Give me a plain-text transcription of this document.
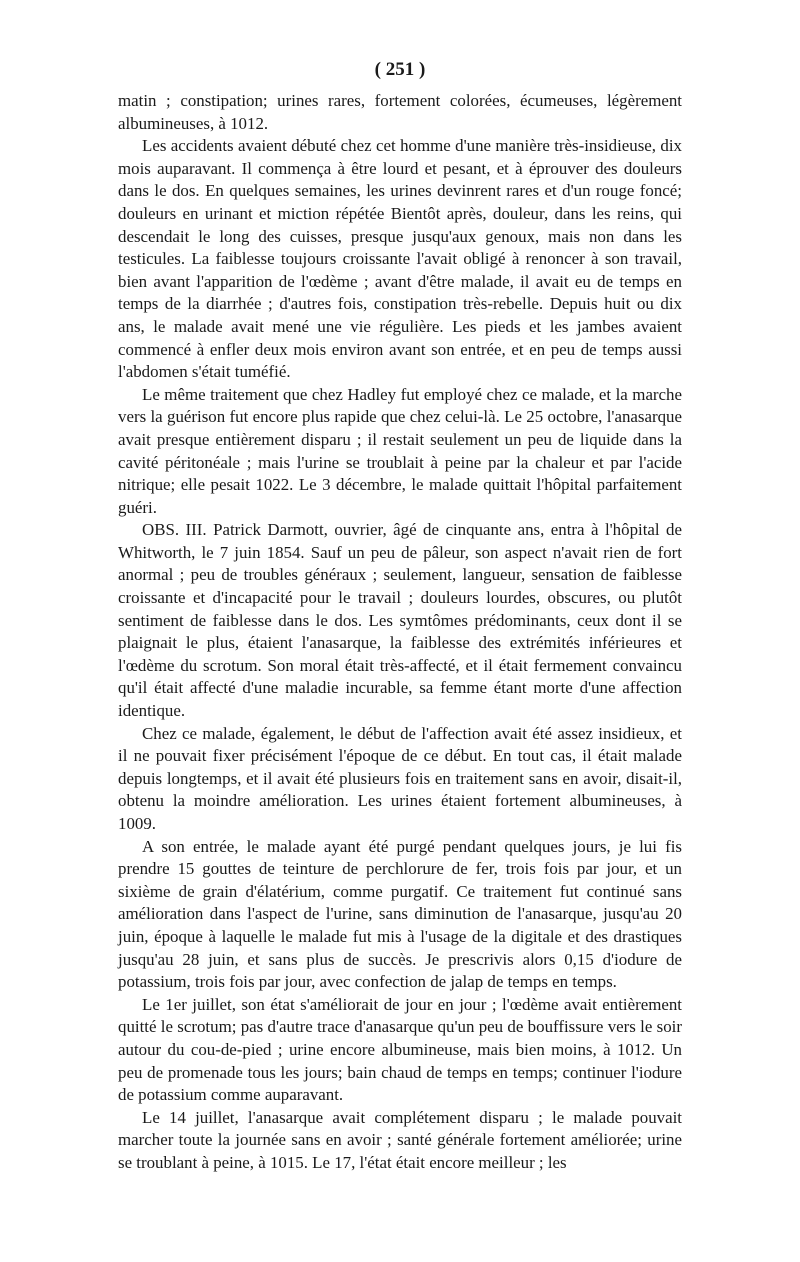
( 251 )

matin ; constipation; urines rares, fortement colorées, écumeuses, légèrement albumineuses, à 1012.

Les accidents avaient débuté chez cet homme d'une manière très-insidieuse, dix mois auparavant. Il commença à être lourd et pesant, et à éprouver des douleurs dans le dos. En quelques semaines, les urines devinrent rares et d'un rouge foncé; douleurs en urinant et miction répétée Bientôt après, douleur, dans les reins, qui descendait le long des cuisses, presque jusqu'aux genoux, mais non dans les testicules. La faiblesse toujours croissante l'avait obligé à renoncer à son travail, bien avant l'apparition de l'œdème ; avant d'être malade, il avait eu de temps en temps de la diarrhée ; d'autres fois, constipation très-rebelle. Depuis huit ou dix ans, le malade avait mené une vie régulière. Les pieds et les jambes avaient commencé à enfler deux mois environ avant son entrée, et en peu de temps aussi l'abdomen s'était tuméfié.

Le même traitement que chez Hadley fut employé chez ce malade, et la marche vers la guérison fut encore plus rapide que chez celui-là. Le 25 octobre, l'anasarque avait presque entièrement disparu ; il restait seulement un peu de liquide dans la cavité péritonéale ; mais l'urine se troublait à peine par la chaleur et par l'acide nitrique; elle pesait 1022. Le 3 décembre, le malade quittait l'hôpital parfaitement guéri.

OBS. III. Patrick Darmott, ouvrier, âgé de cinquante ans, entra à l'hôpital de Whitworth, le 7 juin 1854. Sauf un peu de pâleur, son aspect n'avait rien de fort anormal ; peu de troubles généraux ; seulement, langueur, sensation de faiblesse croissante et d'incapacité pour le travail ; douleurs lourdes, obscures, ou plutôt sentiment de faiblesse dans le dos. Les symtômes prédominants, ceux dont il se plaignait le plus, étaient l'anasarque, la faiblesse des extrémités inférieures et l'œdème du scrotum. Son moral était très-affecté, et il était fermement convaincu qu'il était affecté d'une maladie incurable, sa femme étant morte d'une affection identique.

Chez ce malade, également, le début de l'affection avait été assez insidieux, et il ne pouvait fixer précisément l'époque de ce début. En tout cas, il était malade depuis longtemps, et il avait été plusieurs fois en traitement sans en avoir, disait-il, obtenu la moindre amélioration. Les urines étaient fortement albumineuses, à 1009.

A son entrée, le malade ayant été purgé pendant quelques jours, je lui fis prendre 15 gouttes de teinture de perchlorure de fer, trois fois par jour, et un sixième de grain d'élatérium, comme purgatif. Ce traitement fut continué sans amélioration dans l'aspect de l'urine, sans diminution de l'anasarque, jusqu'au 20 juin, époque à laquelle le malade fut mis à l'usage de la digitale et des drastiques jusqu'au 28 juin, et sans plus de succès. Je prescrivis alors 0,15 d'iodure de potassium, trois fois par jour, avec confection de jalap de temps en temps.

Le 1er juillet, son état s'améliorait de jour en jour ; l'œdème avait entièrement quitté le scrotum; pas d'autre trace d'anasarque qu'un peu de bouffissure vers le soir autour du cou-de-pied ; urine encore albumineuse, mais bien moins, à 1012. Un peu de promenade tous les jours; bain chaud de temps en temps; continuer l'iodure de potassium comme auparavant.

Le 14 juillet, l'anasarque avait complétement disparu ; le malade pouvait marcher toute la journée sans en avoir ; santé générale fortement améliorée; urine se troublant à peine, à 1015. Le 17, l'état était encore meilleur ; les
